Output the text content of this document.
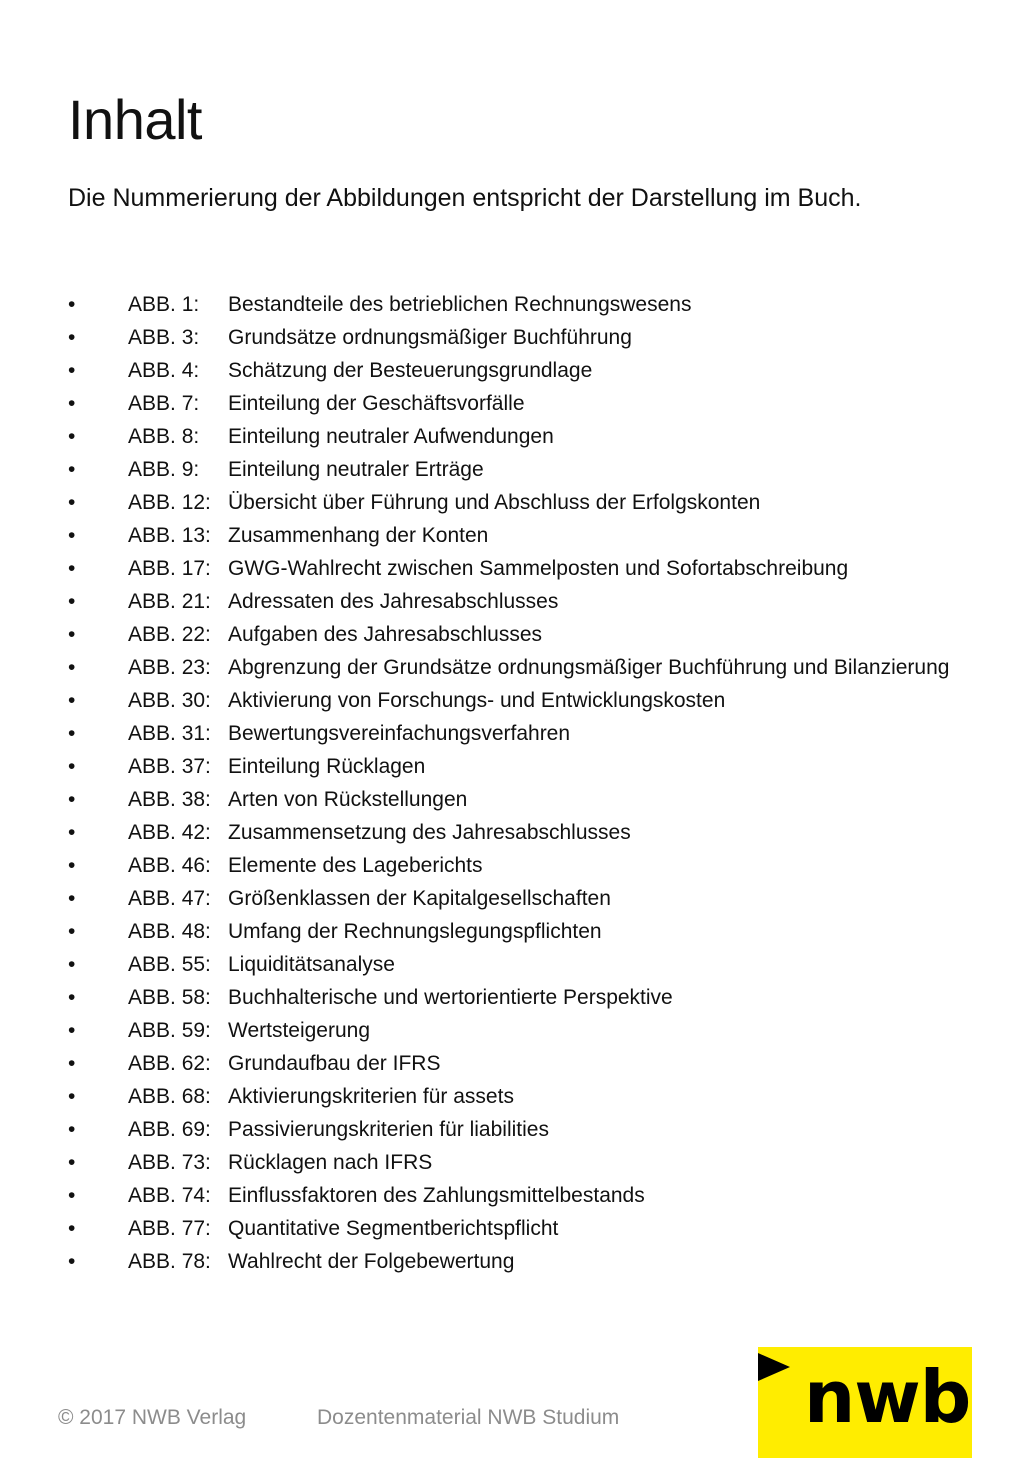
Inhalt

Die Nummerierung der Abbildungen entspricht der Darstellung im Buch.

•	ABB. 1:	Bestandteile des betrieblichen Rechnungswesens
•	ABB. 3:	Grundsätze ordnungsmäßiger Buchführung
•	ABB. 4:	Schätzung der Besteuerungsgrundlage
•	ABB. 7:	Einteilung der Geschäftsvorfälle
•	ABB. 8:	Einteilung neutraler Aufwendungen
•	ABB. 9:	Einteilung neutraler Erträge
•	ABB. 12: Übersicht über Führung und Abschluss der Erfolgskonten
•	ABB. 13: Zusammenhang der Konten
•	ABB. 17: GWG-Wahlrecht zwischen Sammelposten und Sofortabschreibung
•	ABB. 21: Adressaten des Jahresabschlusses
•	ABB. 22: Aufgaben des Jahresabschlusses
•	ABB. 23: Abgrenzung der Grundsätze ordnungsmäßiger Buchführung und Bilanzierung
•	ABB. 30: Aktivierung von Forschungs- und Entwicklungskosten
•	ABB. 31: Bewertungsvereinfachungsverfahren
•	ABB. 37: Einteilung Rücklagen
•	ABB. 38: Arten von Rückstellungen
•	ABB. 42: Zusammensetzung des Jahresabschlusses
•	ABB. 46: Elemente des Lageberichts
•	ABB. 47: Größenklassen der Kapitalgesellschaften
•	ABB. 48: Umfang der Rechnungslegungspflichten
•	ABB. 55: Liquiditätsanalyse
•	ABB. 58: Buchhalterische und wertorientierte Perspektive
•	ABB. 59: Wertsteigerung
•	ABB. 62: Grundaufbau der IFRS
•	ABB. 68: Aktivierungskriterien für assets
•	ABB. 69: Passivierungskriterien für liabilities
•	ABB. 73: Rücklagen nach IFRS
•	ABB. 74: Einflussfaktoren des Zahlungsmittelbestands
•	ABB. 77: Quantitative Segmentberichtspflicht
•	ABB. 78: Wahlrecht der Folgebewertung
© 2017 NWB Verlag	Dozentenmaterial NWB Studium	nwb
